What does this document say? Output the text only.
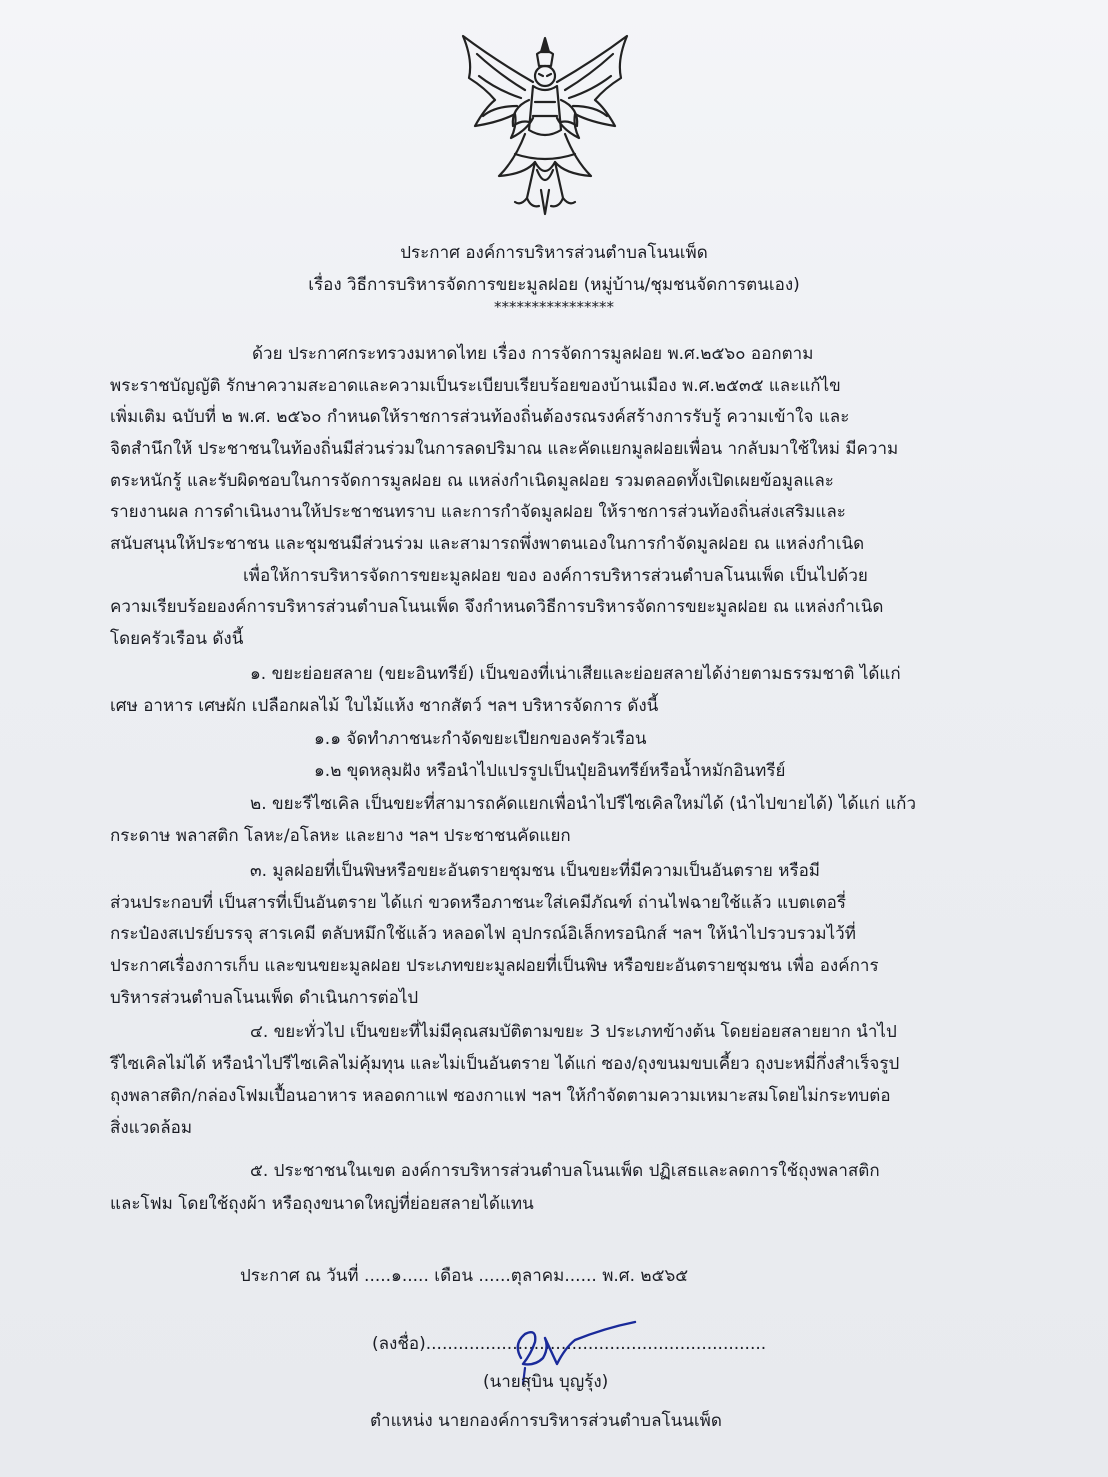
ประกาศ องค์การบริหารส่วนตำบลโนนเพ็ด
เรื่อง วิธีการบริหารจัดการขยะมูลฝอย (หมู่บ้าน/ชุมชนจัดการตนเอง)
****************
ด้วย ประกาศกระทรวงมหาดไทย เรื่อง การจัดการมูลฝอย พ.ศ.๒๕๖๐ ออกตาม
พระราชบัญญัติ รักษาความสะอาดและความเป็นระเบียบเรียบร้อยของบ้านเมือง พ.ศ.๒๕๓๕ และแก้ไข
เพิ่มเติม ฉบับที่ ๒ พ.ศ. ๒๕๖๐ กำหนดให้ราชการส่วนท้องถิ่นต้องรณรงค์สร้างการรับรู้ ความเข้าใจ และ
จิตสำนึกให้ ประชาชนในท้องถิ่นมีส่วนร่วมในการลดปริมาณ และคัดแยกมูลฝอยเพื่อน ากลับมาใช้ใหม่ มีความ
ตระหนักรู้ และรับผิดชอบในการจัดการมูลฝอย ณ แหล่งกำเนิดมูลฝอย รวมตลอดทั้งเปิดเผยข้อมูลและ
รายงานผล การดำเนินงานให้ประชาชนทราบ และการกำจัดมูลฝอย ให้ราชการส่วนท้องถิ่นส่งเสริมและ
สนับสนุนให้ประชาชน และชุมชนมีส่วนร่วม และสามารถพึ่งพาตนเองในการกำจัดมูลฝอย ณ แหล่งกำเนิด
เพื่อให้การบริหารจัดการขยะมูลฝอย ของ องค์การบริหารส่วนตำบลโนนเพ็ด เป็นไปด้วย
ความเรียบร้อยองค์การบริหารส่วนตำบลโนนเพ็ด จึงกำหนดวิธีการบริหารจัดการขยะมูลฝอย ณ แหล่งกำเนิด
โดยครัวเรือน ดังนี้
๑. ขยะย่อยสลาย (ขยะอินทรีย์) เป็นของที่เน่าเสียและย่อยสลายได้ง่ายตามธรรมชาติ ได้แก่
เศษ อาหาร เศษผัก เปลือกผลไม้ ใบไม้แห้ง ซากสัตว์ ฯลฯ บริหารจัดการ ดังนี้
๑.๑ จัดทำภาชนะกำจัดขยะเปียกของครัวเรือน
๑.๒ ขุดหลุมฝัง หรือนำไปแปรรูปเป็นปุ๋ยอินทรีย์หรือน้ำหมักอินทรีย์
๒. ขยะรีไซเคิล เป็นขยะที่สามารถคัดแยกเพื่อนำไปรีไซเคิลใหม่ได้ (นำไปขายได้) ได้แก่ แก้ว
กระดาษ พลาสติก โลหะ/อโลหะ และยาง ฯลฯ ประชาชนคัดแยก
๓. มูลฝอยที่เป็นพิษหรือขยะอันตรายชุมชน เป็นขยะที่มีความเป็นอันตราย หรือมี
ส่วนประกอบที่ เป็นสารที่เป็นอันตราย ได้แก่ ขวดหรือภาชนะใส่เคมีภัณฑ์ ถ่านไฟฉายใช้แล้ว แบตเตอรี่
กระป๋องสเปรย์บรรจุ สารเคมี ตลับหมึกใช้แล้ว หลอดไฟ อุปกรณ์อิเล็กทรอนิกส์ ฯลฯ ให้นำไปรวบรวมไว้ที่
ประกาศเรื่องการเก็บ และขนขยะมูลฝอย ประเภทขยะมูลฝอยที่เป็นพิษ หรือขยะอันตรายชุมชน เพื่อ องค์การ
บริหารส่วนตำบลโนนเพ็ด ดำเนินการต่อไป
๔. ขยะทั่วไป เป็นขยะที่ไม่มีคุณสมบัติตามขยะ 3 ประเภทข้างต้น โดยย่อยสลายยาก นำไป
รีไซเคิลไม่ได้ หรือนำไปรีไซเคิลไม่คุ้มทุน และไม่เป็นอันตราย ได้แก่ ซอง/ถุงขนมขบเคี้ยว ถุงบะหมี่กึ่งสำเร็จรูป
ถุงพลาสติก/กล่องโฟมเปื้อนอาหาร หลอดกาแฟ ซองกาแฟ ฯลฯ ให้กำจัดตามความเหมาะสมโดยไม่กระทบต่อ
สิ่งแวดล้อม
๕. ประชาชนในเขต องค์การบริหารส่วนตำบลโนนเพ็ด ปฏิเสธและลดการใช้ถุงพลาสติก
และโฟม โดยใช้ถุงผ้า หรือถุงขนาดใหญ่ที่ย่อยสลายได้แทน
ประกาศ ณ วันที่ .....๑..... เดือน ......ตุลาคม...... พ.ศ. ๒๕๖๕
(ลงชื่อ)...............................................................
(นายสุบิน บุญรุ้ง)
ตำแหน่ง นายกองค์การบริหารส่วนตำบลโนนเพ็ด
